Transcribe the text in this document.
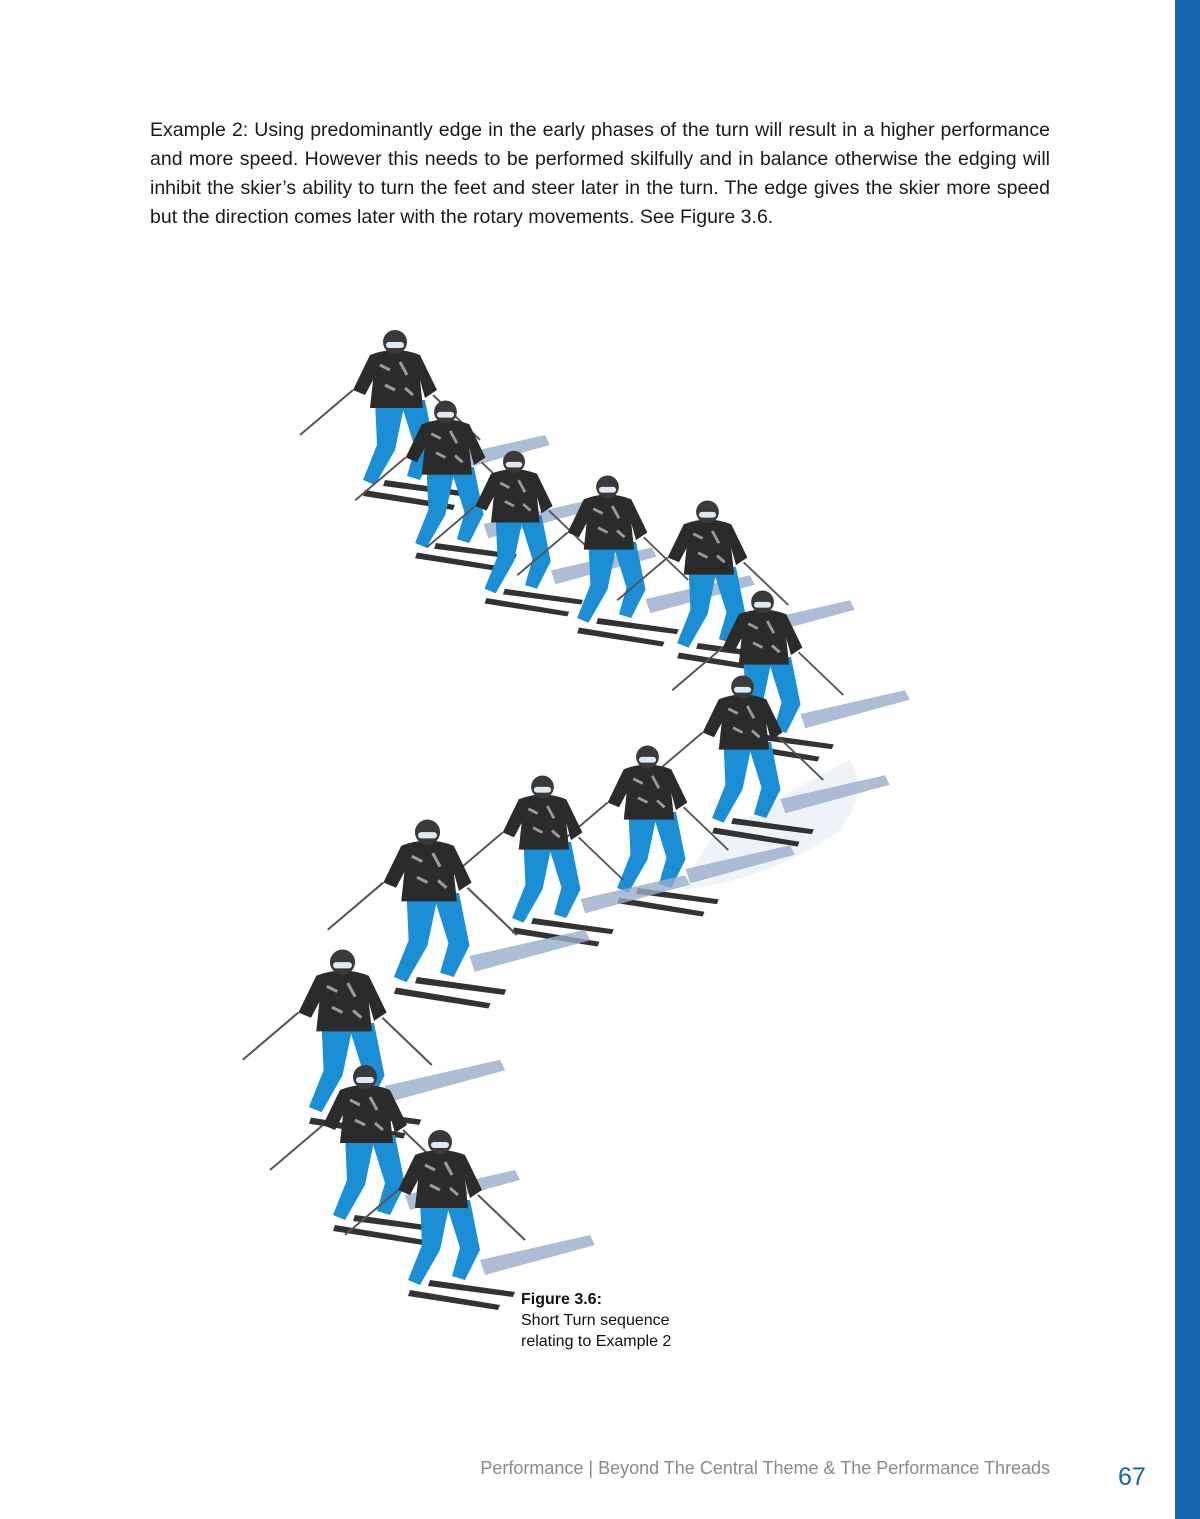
Example 2: Using predominantly edge in the early phases of the turn will result in a higher performance and more speed. However this needs to be performed skilfully and in balance otherwise the edging will inhibit the skier’s ability to turn the feet and steer later in the turn. The edge gives the skier more speed but the direction comes later with the rotary movements. See Figure 3.6.

Figure 3.6:
Short Turn sequence
relating to Example 2
Performance | Beyond The Central Theme & The Performance Threads	67
